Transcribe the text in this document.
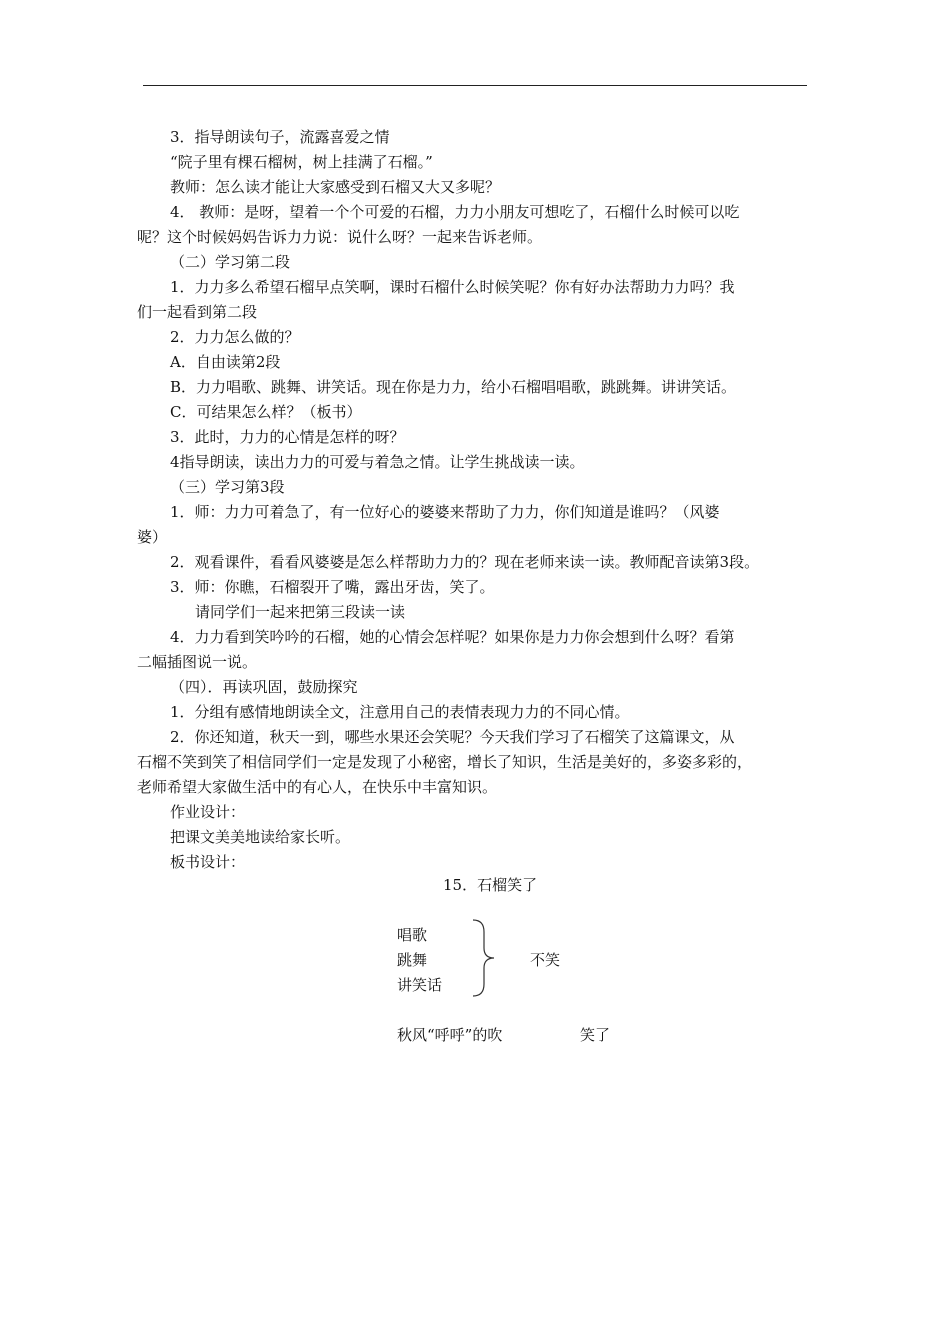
3．指导朗读句子，流露喜爱之情
“院子里有棵石榴树，树上挂满了石榴。”
教师：怎么读才能让大家感受到石榴又大又多呢？
4． 教师：是呀，望着一个个可爱的石榴，力力小朋友可想吃了，石榴什么时候可以吃
呢？这个时候妈妈告诉力力说：说什么呀？一起来告诉老师。
（二）学习第二段
1．力力多么希望石榴早点笑啊，课时石榴什么时候笑呢？你有好办法帮助力力吗？我
们一起看到第二段
2．力力怎么做的？
A．自由读第2段
B．力力唱歌、跳舞、讲笑话。现在你是力力，给小石榴唱唱歌，跳跳舞。讲讲笑话。
C．可结果怎么样？（板书）
3．此时，力力的心情是怎样的呀？
4指导朗读，读出力力的可爱与着急之情。让学生挑战读一读。
（三）学习第3段
1．师：力力可着急了，有一位好心的婆婆来帮助了力力，你们知道是谁吗？（风婆
婆）
2．观看课件，看看风婆婆是怎么样帮助力力的？现在老师来读一读。教师配音读第3段。
3．师：你瞧，石榴裂开了嘴，露出牙齿，笑了。
请同学们一起来把第三段读一读
4．力力看到笑吟吟的石榴，她的心情会怎样呢？如果你是力力你会想到什么呀？看第
二幅插图说一说。
（四）．再读巩固，鼓励探究
1．分组有感情地朗读全文，注意用自己的表情表现力力的不同心情。
2．你还知道，秋天一到，哪些水果还会笑呢？今天我们学习了石榴笑了这篇课文，从
石榴不笑到笑了相信同学们一定是发现了小秘密，增长了知识，生活是美好的，多姿多彩的，
老师希望大家做生活中的有心人，在快乐中丰富知识。
作业设计：
把课文美美地读给家长听。
板书设计：
15．石榴笑了
唱歌
跳舞
讲笑话
不笑
秋风“呼呼”的吹	笑了
